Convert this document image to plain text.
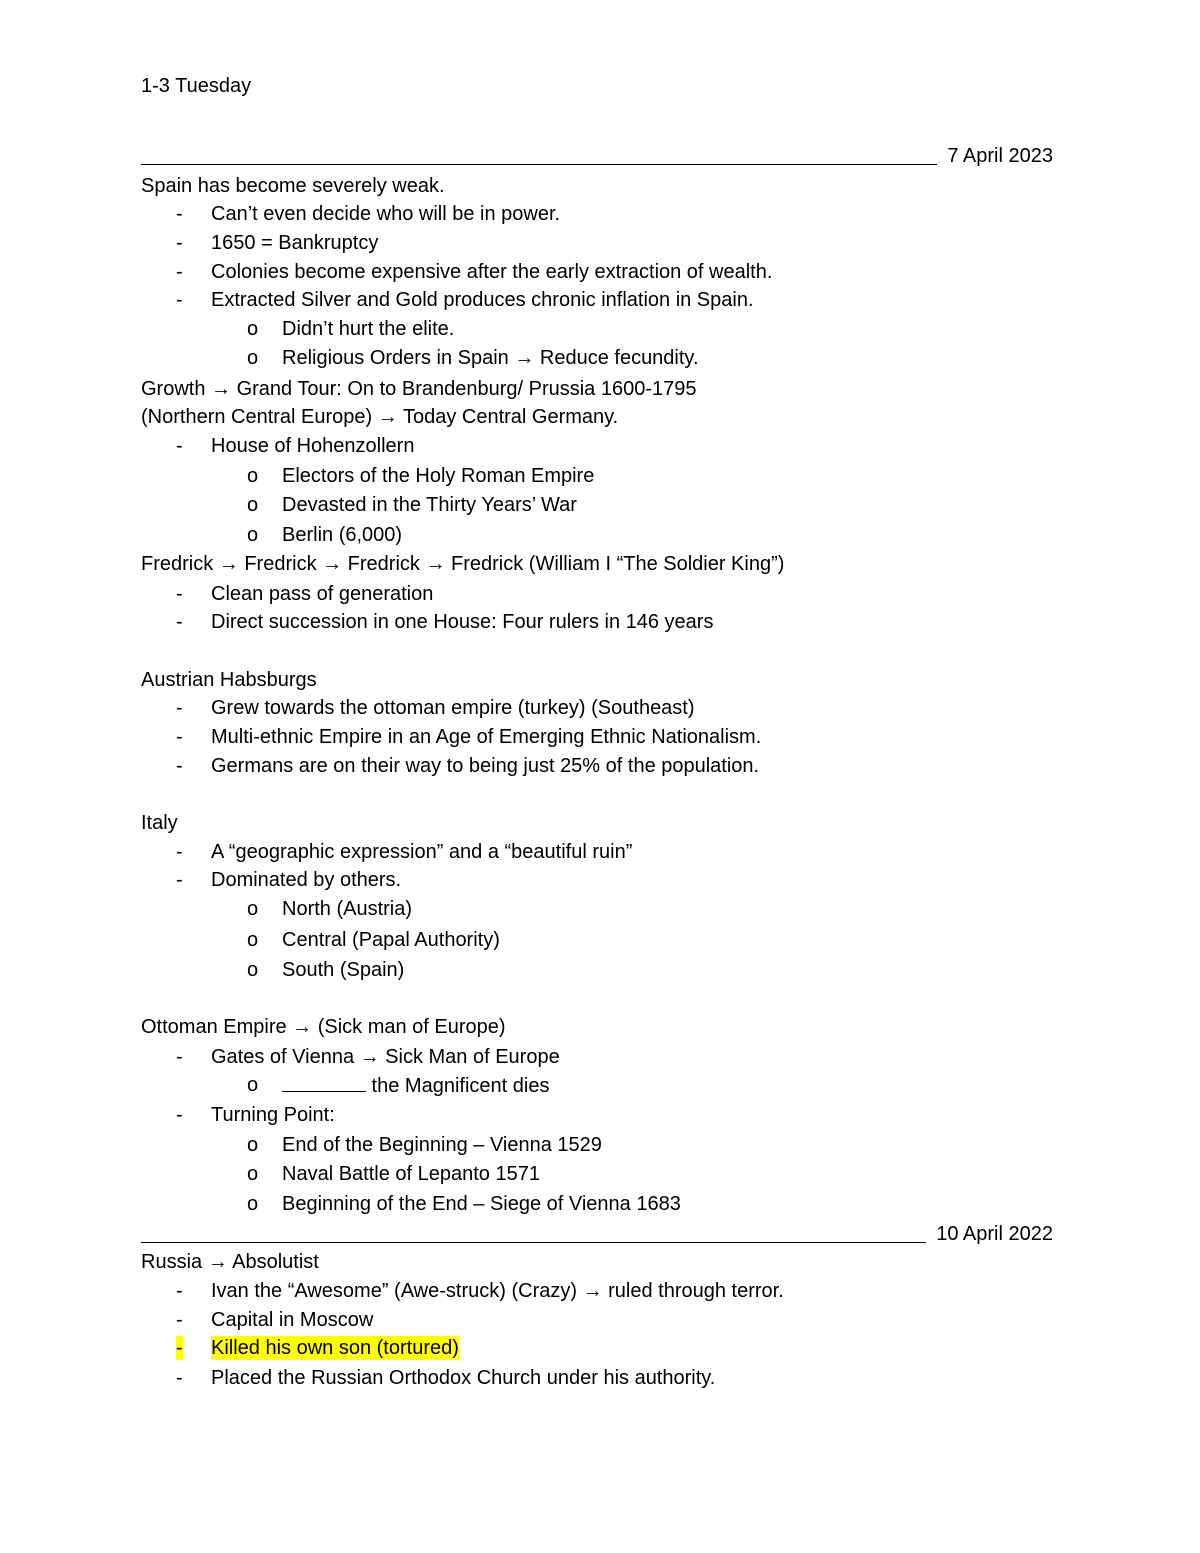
1-3 Tuesday
7 April 2023
Spain has become severely weak.
- Can’t even decide who will be in power.
- 1650 = Bankruptcy
- Colonies become expensive after the early extraction of wealth.
- Extracted Silver and Gold produces chronic inflation in Spain.
o Didn’t hurt the elite.
o Religious Orders in Spain → Reduce fecundity.
Growth → Grand Tour: On to Brandenburg/ Prussia 1600-1795
(Northern Central Europe) → Today Central Germany.
- House of Hohenzollern
o Electors of the Holy Roman Empire
o Devasted in the Thirty Years’ War
o Berlin (6,000)
Fredrick → Fredrick → Fredrick → Fredrick (William I “The Soldier King”)
- Clean pass of generation
- Direct succession in one House: Four rulers in 146 years
Austrian Habsburgs
- Grew towards the ottoman empire (turkey) (Southeast)
- Multi-ethnic Empire in an Age of Emerging Ethnic Nationalism.
- Germans are on their way to being just 25% of the population.
Italy
- A “geographic expression” and a “beautiful ruin”
- Dominated by others.
o North (Austria)
o Central (Papal Authority)
o South (Spain)
Ottoman Empire → (Sick man of Europe)
- Gates of Vienna → Sick Man of Europe
o	the Magnificent dies
- Turning Point:
o End of the Beginning – Vienna 1529
o Naval Battle of Lepanto 1571
o Beginning of the End – Siege of Vienna 1683
10 April 2022
Russia → Absolutist
- Ivan the “Awesome” (Awe-struck) (Crazy) → ruled through terror.
- Capital in Moscow
- Killed his own son (tortured)
- Placed the Russian Orthodox Church under his authority.
